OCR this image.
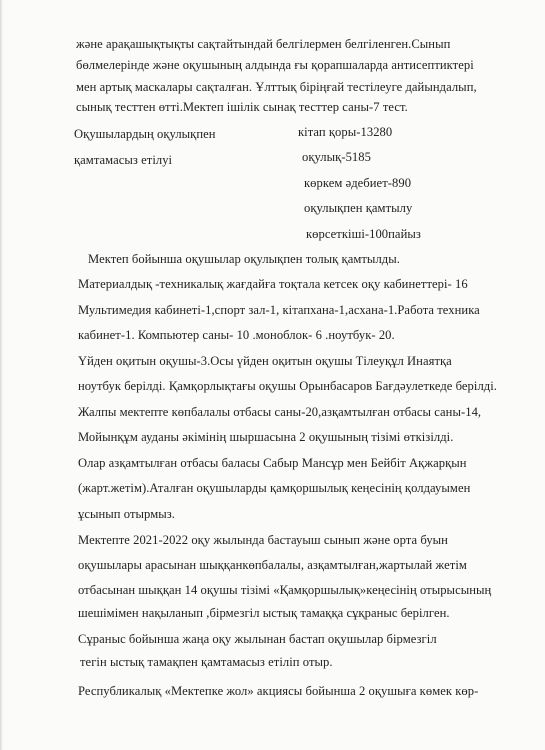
және арақашықтықты сақтайтындай белгілермен белгіленген.Сынып
бөлмелерінде және оқушының алдында ғы қорапшаларда антисептиктері
мен артық маскалары сақталған. Ұлттық біріңғай тестілеуге дайындалып,
сынық тесттен өтті.Мектеп ішілік сынақ тесттер саны-7 тест.
Оқушылардың оқулықпен	кітап қоры-13280
қамтамасыз етілуі	оқулық-5185
көркем әдебиет-890
оқулықпен қамтылу
көрсеткіші-100пайыз
Мектеп бойынша оқушылар оқулықпен толық қамтылды.
Материалдық -техникалық жағдайға тоқтала кетсек оқу кабинеттері- 16
Мультимедия кабинеті-1,спорт зал-1, кітапхана-1,асхана-1.Работа техника
кабинет-1. Компьютер саны- 10 .моноблок- 6 .ноутбук- 20.
Үйден оқитын оқушы-3.Осы үйден оқитын оқушы Тілеуқұл Инаятқа
ноутбук берілді. Қамқорлықтағы оқушы Орынбасаров Бағдәулеткеде берілді.
Жалпы мектепте көпбалалы отбасы саны-20,азқамтылған отбасы саны-14,
Мойынқұм ауданы әкімінің шыршасына 2 оқушының тізімі өткізілді.
Олар азқамтылған отбасы баласы Сабыр Мансұр мен Бейбіт Ақжарқын
(жарт.жетім).Аталған оқушыларды қамқоршылық кеңесінің қолдауымен
ұсынып отырмыз.
Мектепте 2021-2022 оқу жылында бастауыш сынып және орта буын
оқушылары арасынан шыққанкөпбалалы, азқамтылған,жартылай жетім
отбасынан шыққан 14 оқушы тізімі «Қамқоршылық»кеңесінің отырысының
шешімімен нақыланып ,бірмезгіл ыстық тамаққа сұқраныс берілген.
Сұраныс бойынша жаңа оқу жылынан бастап оқушылар бірмезгіл
тегін ыстық тамақпен қамтамасыз етіліп отыр.
Республикалық «Мектепке жол» акциясы бойынша 2 оқушыға көмек көр-
